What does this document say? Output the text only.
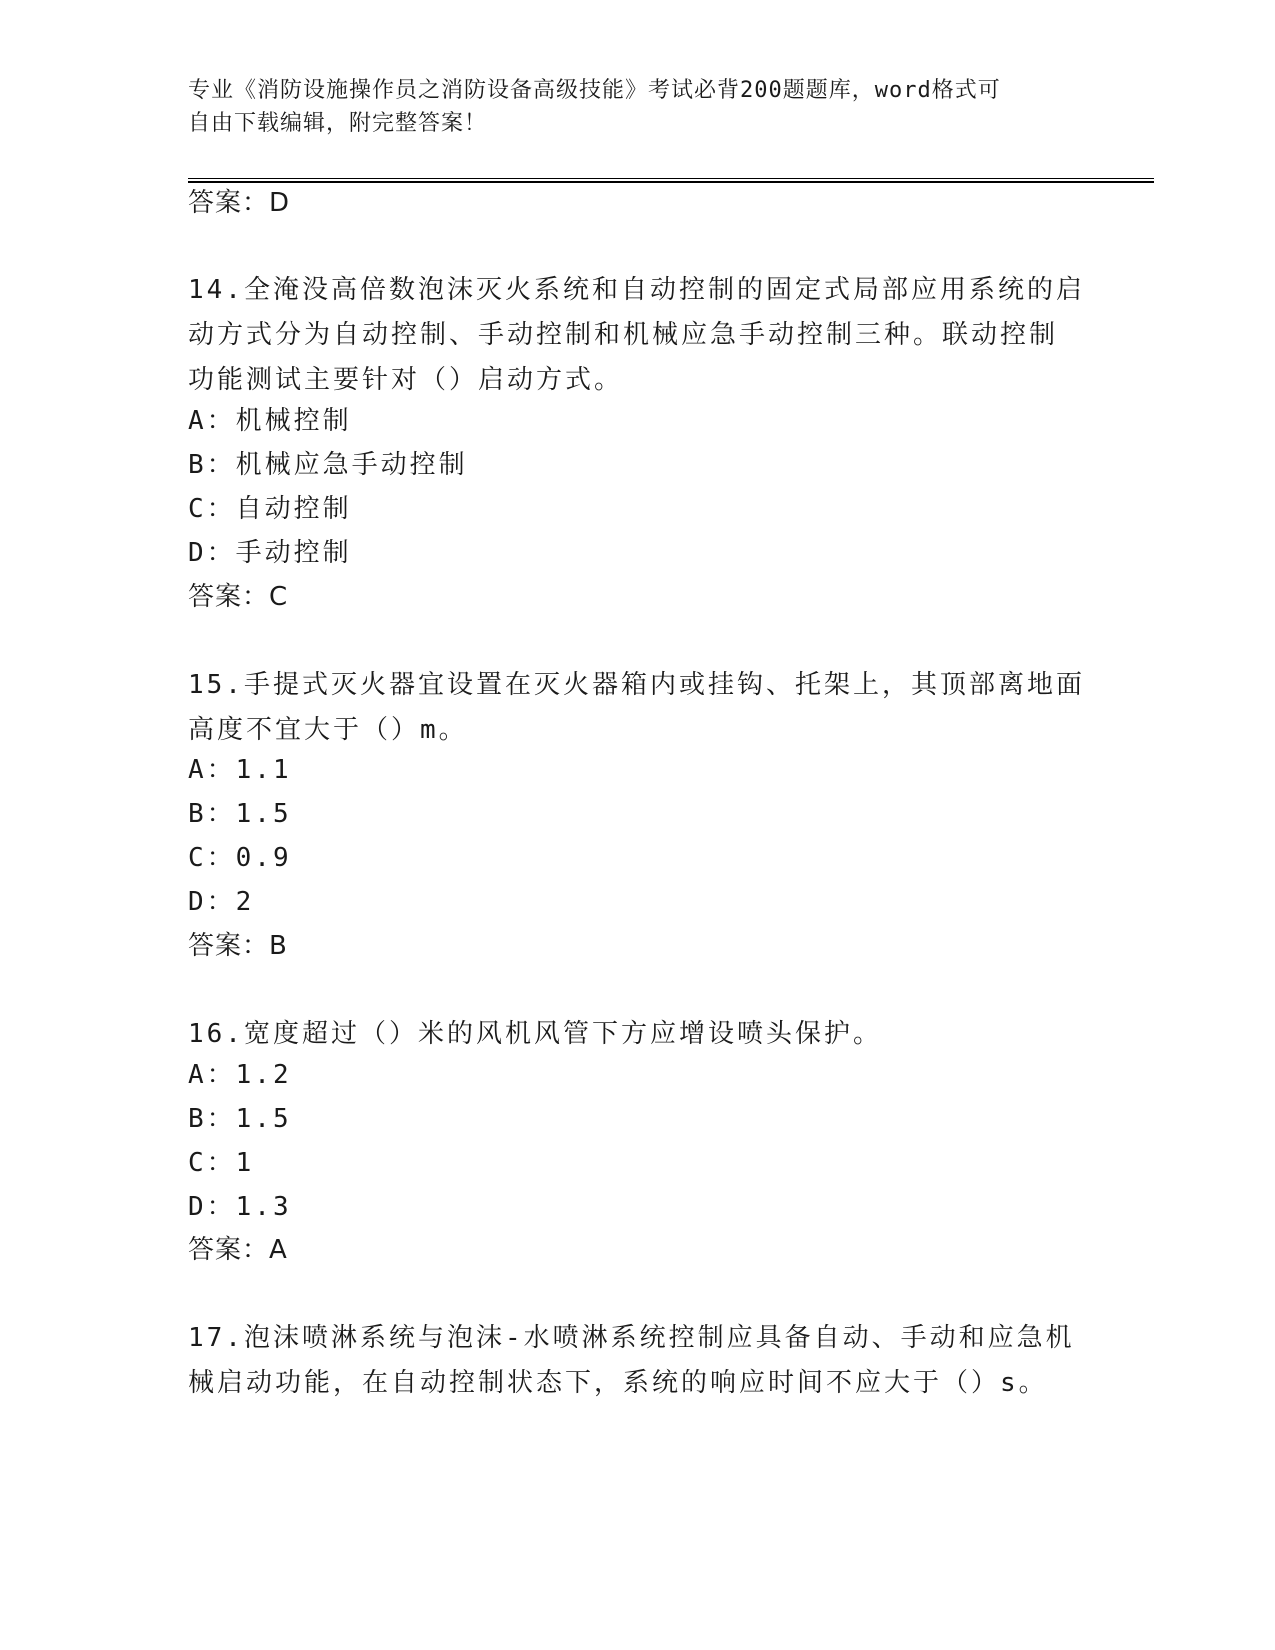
专业《消防设施操作员之消防设备高级技能》考试必背200题题库，word格式可
自由下载编辑，附完整答案！
答案：D
14.全淹没高倍数泡沫灭火系统和自动控制的固定式局部应用系统的启
动方式分为自动控制、手动控制和机械应急手动控制三种。联动控制
功能测试主要针对（）启动方式。
A：机械控制
B：机械应急手动控制
C：自动控制
D：手动控制
答案：C
15.手提式灭火器宜设置在灭火器箱内或挂钩、托架上，其顶部离地面
高度不宜大于（）m。
A：1.1
B：1.5
C：0.9
D：2
答案：B
16.宽度超过（）米的风机风管下方应增设喷头保护。
A：1.2
B：1.5
C：1
D：1.3
答案：A
17.泡沫喷淋系统与泡沫-水喷淋系统控制应具备自动、手动和应急机
械启动功能，在自动控制状态下，系统的响应时间不应大于（）s。
